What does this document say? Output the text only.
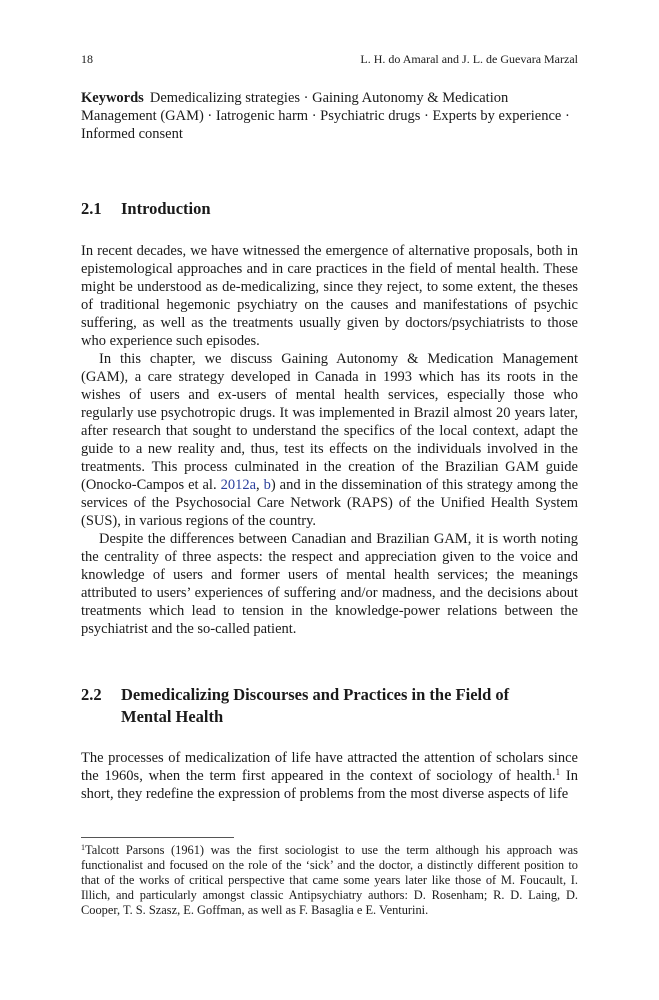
18	L. H. do Amaral and J. L. de Guevara Marzal
Keywords Demedicalizing strategies · Gaining Autonomy & Medication Management (GAM) · Iatrogenic harm · Psychiatric drugs · Experts by experience · Informed consent
2.1 Introduction

In recent decades, we have witnessed the emergence of alternative proposals, both in epistemological approaches and in care practices in the field of mental health. These might be understood as de-medicalizing, since they reject, to some extent, the theses of traditional hegemonic psychiatry on the causes and manifestations of psychic suffering, as well as the treatments usually given by doctors/psychiatrists to those who experience such episodes.

In this chapter, we discuss Gaining Autonomy & Medication Management (GAM), a care strategy developed in Canada in 1993 which has its roots in the wishes of users and ex-users of mental health services, especially those who regularly use psychotropic drugs. It was implemented in Brazil almost 20 years later, after research that sought to understand the specifics of the local context, adapt the guide to a new reality and, thus, test its effects on the individuals involved in the treatments. This process culminated in the creation of the Brazilian GAM guide (Onocko-Campos et al. 2012a, b) and in the dissemination of this strategy among the services of the Psychosocial Care Network (RAPS) of the Unified Health System (SUS), in various regions of the country.

Despite the differences between Canadian and Brazilian GAM, it is worth noting the centrality of three aspects: the respect and appreciation given to the voice and knowledge of users and former users of mental health services; the meanings attributed to users’ experiences of suffering and/or madness, and the decisions about treatments which lead to tension in the knowledge-power relations between the psychiatrist and the so-called patient.

2.2 Demedicalizing Discourses and Practices in the Field of Mental Health

The processes of medicalization of life have attracted the attention of scholars since the 1960s, when the term first appeared in the context of sociology of health.$^1$ In short, they redefine the expression of problems from the most diverse aspects of life

$^1$Talcott Parsons (1961) was the first sociologist to use the term although his approach was functionalist and focused on the role of the ‘sick’ and the doctor, a distinctly different position to that of the works of critical perspective that came some years later like those of M. Foucault, I. Illich, and particularly amongst classic Antipsychiatry authors: D. Rosenham; R. D. Laing, D. Cooper, T. S. Szasz, E. Goffman, as well as F. Basaglia e E. Venturini.
